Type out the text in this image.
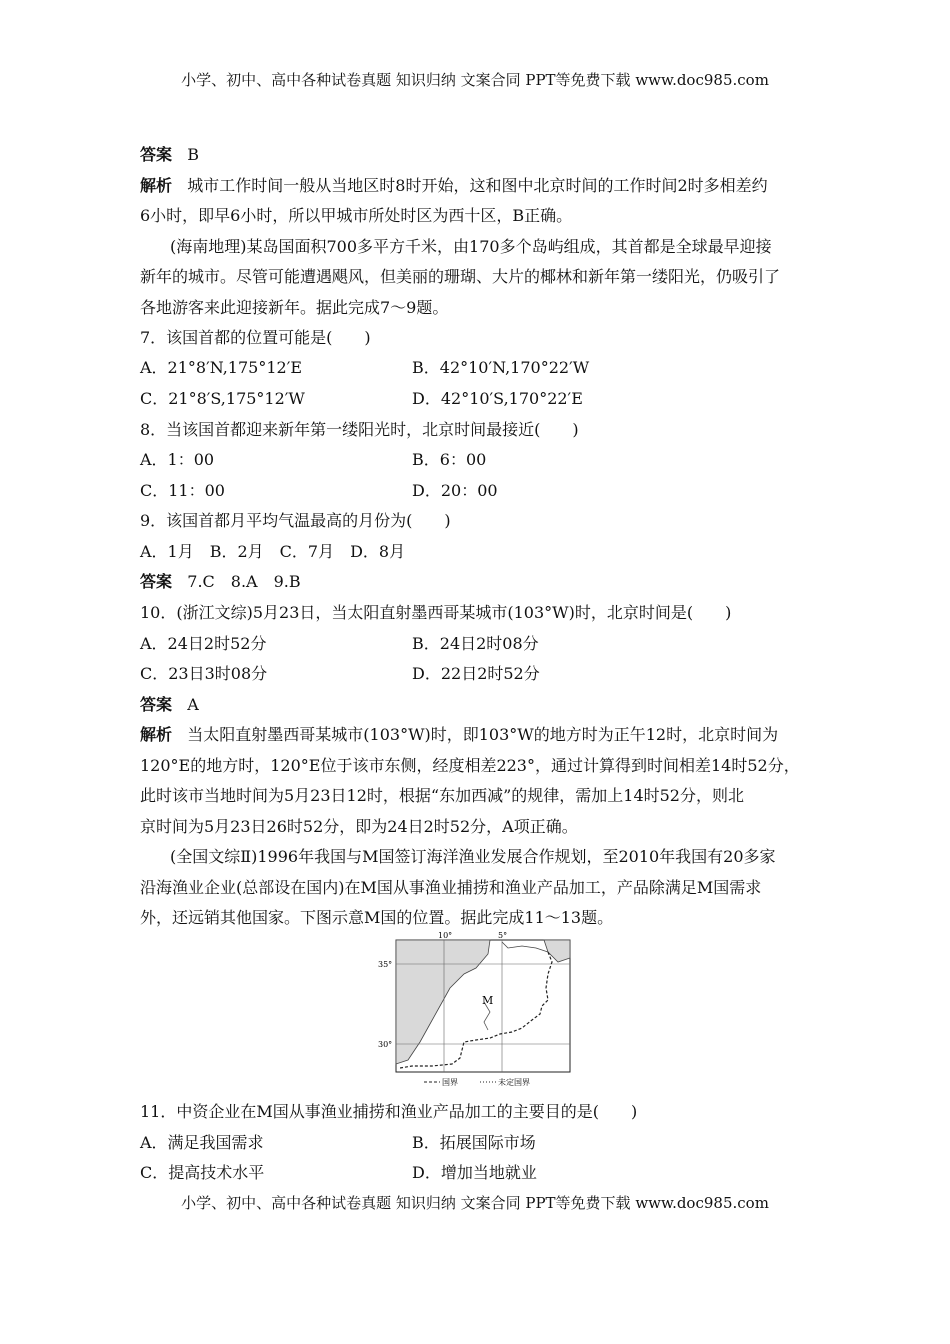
小学、初中、高中各种试卷真题 知识归纳 文案合同 PPT等免费下载 www.doc985.com
答案 B
解析 城市工作时间一般从当地区时8时开始，这和图中北京时间的工作时间2时多相差约
6小时，即早6小时，所以甲城市所处时区为西十区，B正确。
(海南地理)某岛国面积700多平方千米，由170多个岛屿组成，其首都是全球最早迎接
新年的城市。尽管可能遭遇飓风，但美丽的珊瑚、大片的椰林和新年第一缕阳光，仍吸引了
各地游客来此迎接新年。据此完成7～9题。
7．该国首都的位置可能是(　　)
A．21°8′N,175°12′E	B．42°10′N,170°22′W
C．21°8′S,175°12′W	D．42°10′S,170°22′E
8．当该国首都迎来新年第一缕阳光时，北京时间最接近(　　)
A．1：00	B．6：00
C．11：00	D．20：00
9．该国首都月平均气温最高的月份为(　　)
A．1月　B．2月　C．7月　D．8月
答案 7.C　8.A　9.B
10．(浙江文综)5月23日，当太阳直射墨西哥某城市(103°W)时，北京时间是(　　)
A．24日2时52分	B．24日2时08分
C．23日3时08分	D．22日2时52分
答案 A
解析 当太阳直射墨西哥某城市(103°W)时，即103°W的地方时为正午12时，北京时间为
120°E的地方时，120°E位于该市东侧，经度相差223°，通过计算得到时间相差14时52分，
此时该市当地时间为5月23日12时，根据“东加西减”的规律，需加上14时52分，则北
京时间为5月23日26时52分，即为24日2时52分，A项正确。
(全国文综Ⅱ)1996年我国与M国签订海洋渔业发展合作规划，至2010年我国有20多家
沿海渔业企业(总部设在国内)在M国从事渔业捕捞和渔业产品加工，产品除满足M国需求
外，还远销其他国家。下图示意M国的位置。据此完成11～13题。
10°	5°
35°
30°
M
国界	未定国界
11．中资企业在M国从事渔业捕捞和渔业产品加工的主要目的是(　　)
A．满足我国需求	B．拓展国际市场
C．提高技术水平	D．增加当地就业
小学、初中、高中各种试卷真题 知识归纳 文案合同 PPT等免费下载 www.doc985.com
